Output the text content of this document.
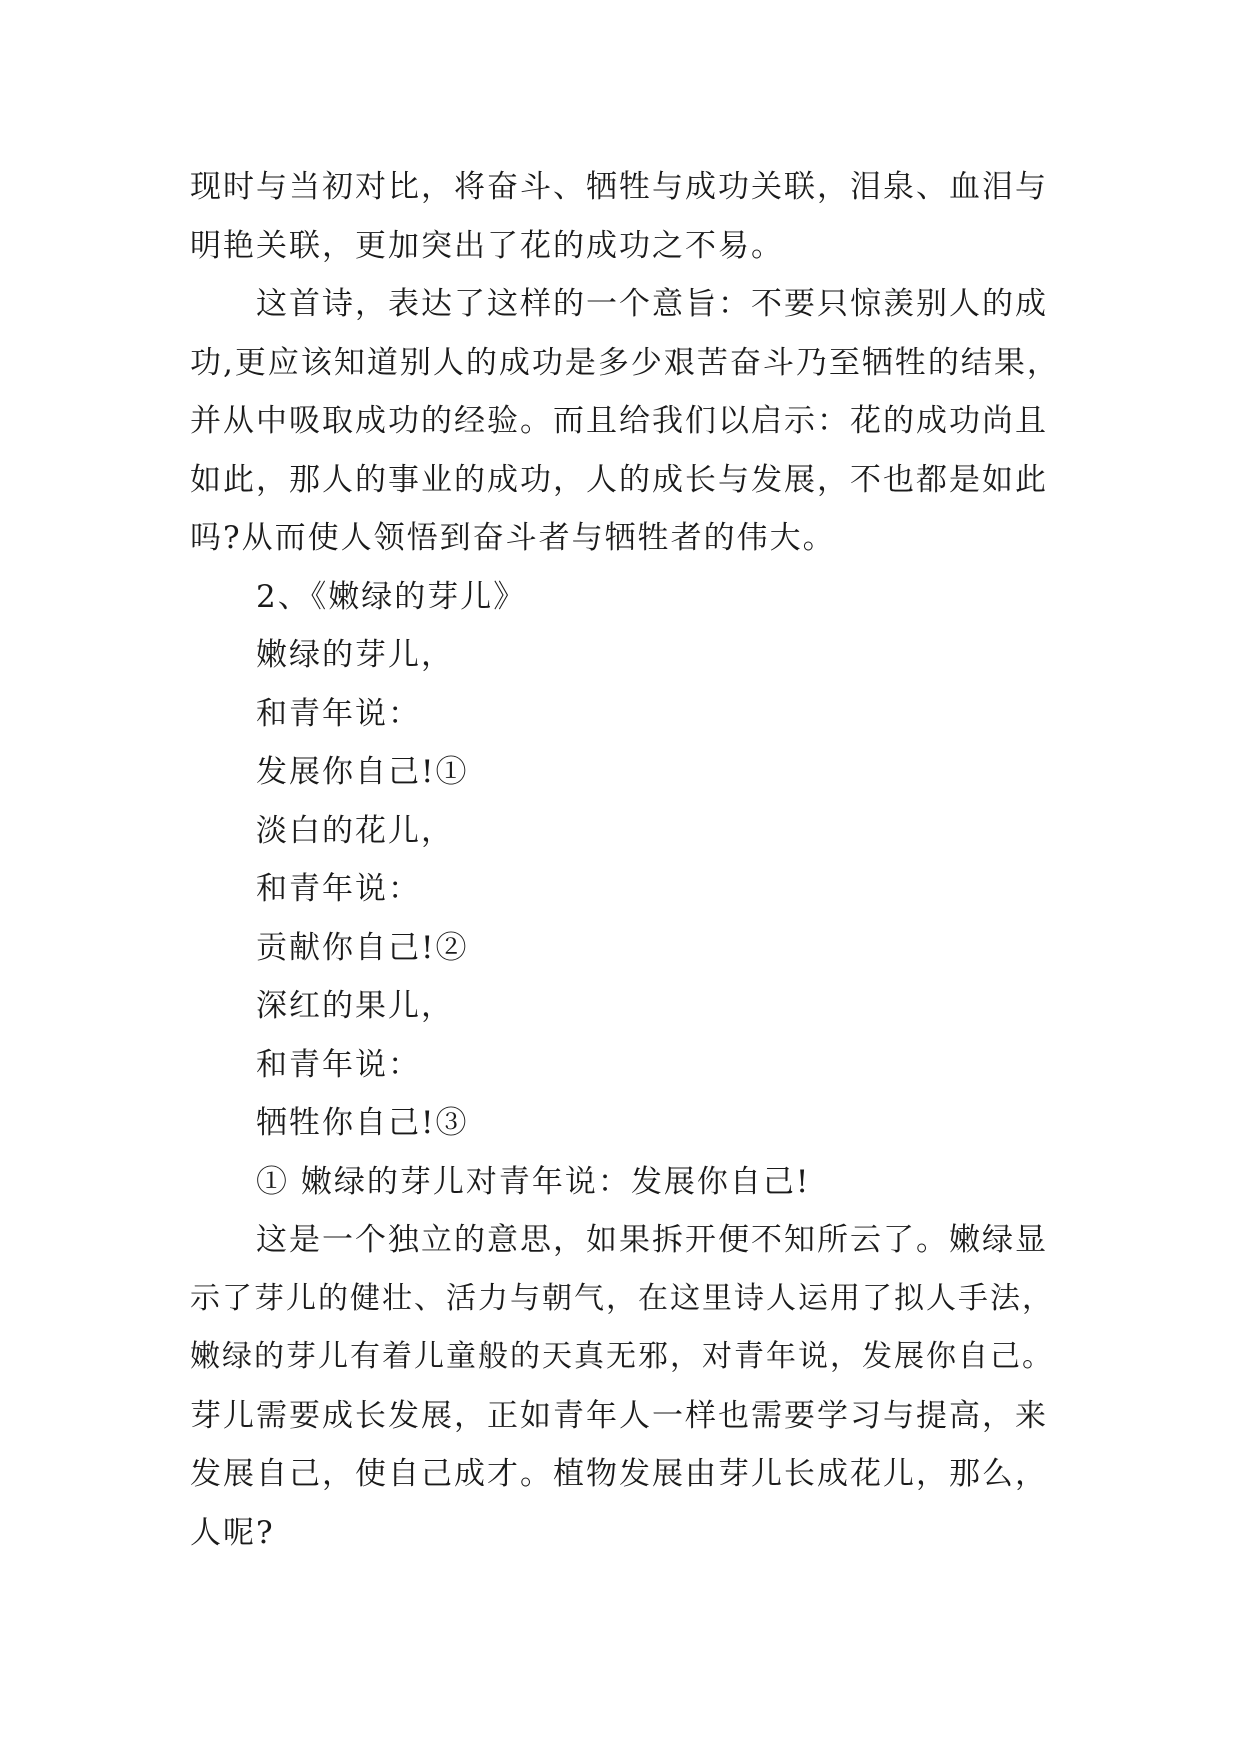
现时与当初对比，将奋斗、牺牲与成功关联，泪泉、血泪与
明艳关联，更加突出了花的成功之不易。
这首诗，表达了这样的一个意旨：不要只惊羡别人的成
功,更应该知道别人的成功是多少艰苦奋斗乃至牺牲的结果，
并从中吸取成功的经验。而且给我们以启示：花的成功尚且
如此，那人的事业的成功，人的成长与发展，不也都是如此
吗?从而使人领悟到奋斗者与牺牲者的伟大。
2、《嫩绿的芽儿》
嫩绿的芽儿，
和青年说：
发展你自己!①
淡白的花儿，
和青年说：
贡献你自己!②
深红的果儿，
和青年说：
牺牲你自己!③
① 嫩绿的芽儿对青年说：发展你自己!
这是一个独立的意思，如果拆开便不知所云了。嫩绿显
示了芽儿的健壮、活力与朝气，在这里诗人运用了拟人手法，
嫩绿的芽儿有着儿童般的天真无邪，对青年说，发展你自己。
芽儿需要成长发展，正如青年人一样也需要学习与提高，来
发展自己，使自己成才。植物发展由芽儿长成花儿，那么，
人呢?
